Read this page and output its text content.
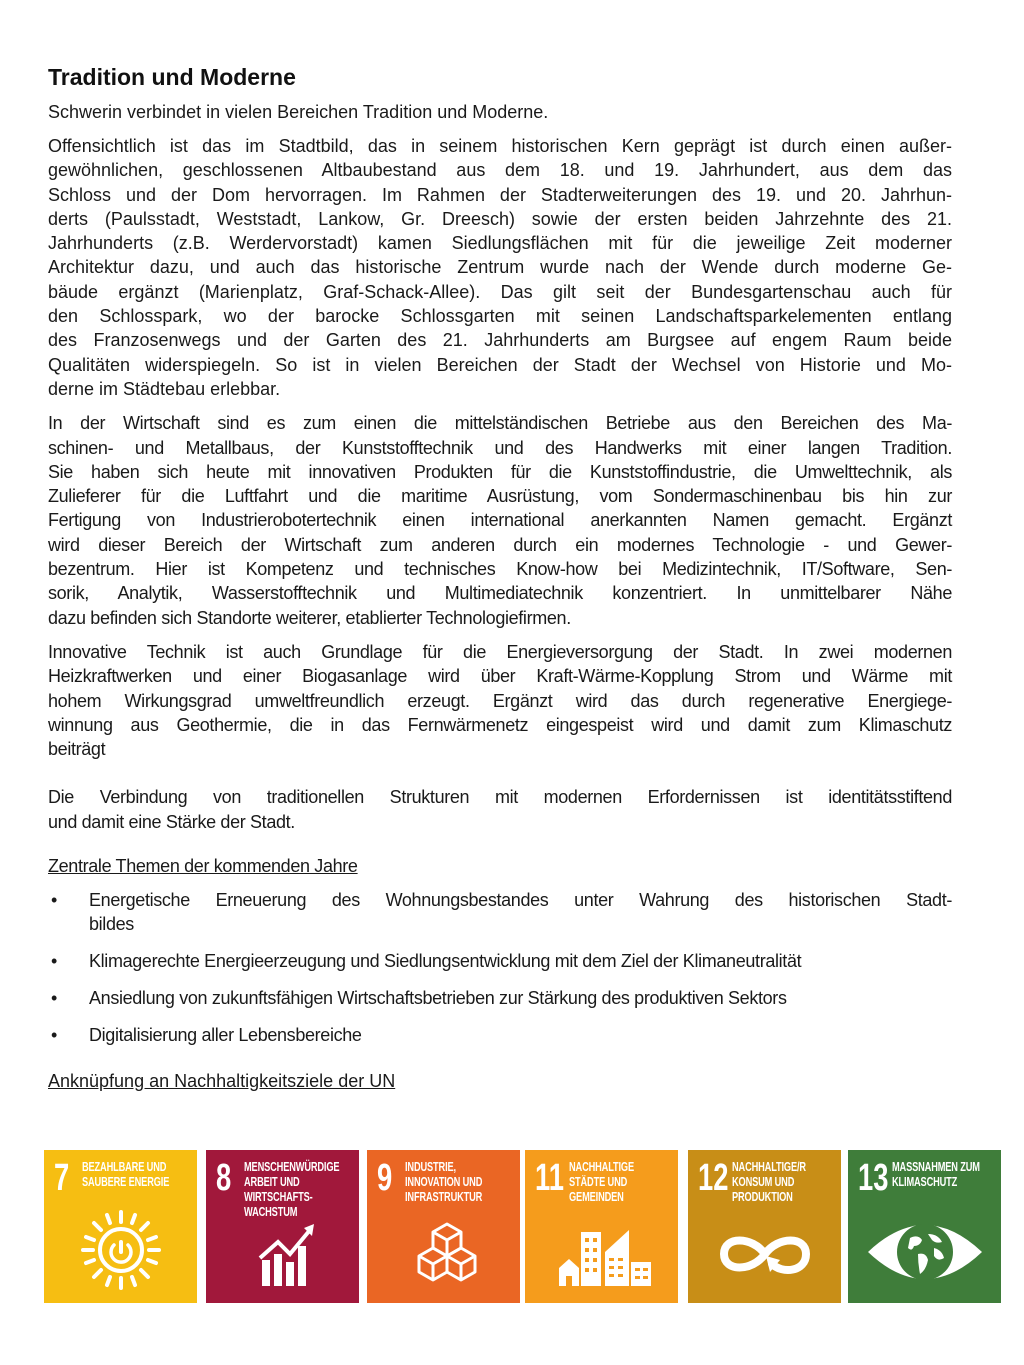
Tradition und Moderne
Schwerin verbindet in vielen Bereichen Tradition und Moderne.

Offensichtlich ist das im Stadtbild, das in seinem historischen Kern geprägt ist durch einen außer-
gewöhnlichen, geschlossenen Altbaubestand aus dem 18. und 19. Jahrhundert, aus dem das
Schloss und der Dom hervorragen. Im Rahmen der Stadterweiterungen des 19. und 20. Jahrhun-
derts (Paulsstadt, Weststadt, Lankow, Gr. Dreesch) sowie der ersten beiden Jahrzehnte des 21.
Jahrhunderts (z.B. Werdervorstadt) kamen Siedlungsflächen mit für die jeweilige Zeit moderner
Architektur dazu, und auch das historische Zentrum wurde nach der Wende durch moderne Ge-
bäude ergänzt (Marienplatz, Graf-Schack-Allee). Das gilt seit der Bundesgartenschau auch für
den Schlosspark, wo der barocke Schlossgarten mit seinen Landschaftsparkelementen entlang
des Franzosenwegs und der Garten des 21. Jahrhunderts am Burgsee auf engem Raum beide
Qualitäten widerspiegeln. So ist in vielen Bereichen der Stadt der Wechsel von Historie und Mo-
derne im Städtebau erlebbar.

In der Wirtschaft sind es zum einen die mittelständischen Betriebe aus den Bereichen des Ma-
schinen- und Metallbaus, der Kunststofftechnik und des Handwerks mit einer langen Tradition.
Sie haben sich heute mit innovativen Produkten für die Kunststoffindustrie, die Umwelttechnik, als
Zulieferer für die Luftfahrt und die maritime Ausrüstung, vom Sondermaschinenbau bis hin zur
Fertigung von Industrierobotertechnik einen international anerkannten Namen gemacht. Ergänzt
wird dieser Bereich der Wirtschaft zum anderen durch ein modernes Technologie - und Gewer-
bezentrum. Hier ist Kompetenz und technisches Know-how bei Medizintechnik, IT/Software, Sen-
sorik, Analytik, Wasserstofftechnik und Multimediatechnik konzentriert. In unmittelbarer Nähe
dazu befinden sich Standorte weiterer, etablierter Technologiefirmen.

Innovative Technik ist auch Grundlage für die Energieversorgung der Stadt. In zwei modernen
Heizkraftwerken und einer Biogasanlage wird über Kraft-Wärme-Kopplung Strom und Wärme mit
hohem Wirkungsgrad umweltfreundlich erzeugt. Ergänzt wird das durch regenerative Energiege-
winnung aus Geothermie, die in das Fernwärmenetz eingespeist wird und damit zum Klimaschutz
beiträgt

Die Verbindung von traditionellen Strukturen mit modernen Erfordernissen ist identitätsstiftend
und damit eine Stärke der Stadt.

Zentrale Themen der kommenden Jahre
• Energetische Erneuerung des Wohnungsbestandes unter Wahrung des historischen Stadt-
bildes
• Klimagerechte Energieerzeugung und Siedlungsentwicklung mit dem Ziel der Klimaneutralität
• Ansiedlung von zukunftsfähigen Wirtschaftsbetrieben zur Stärkung des produktiven Sektors
• Digitalisierung aller Lebensbereiche
Anknüpfung an Nachhaltigkeitsziele der UN
7 BEZAHLBARE UND
SAUBERE ENERGIE 8 MENSCHENWÜRDIGE
ARBEIT UND
WIRTSCHAFTS-
WACHSTUM
9 INDUSTRIE,
INNOVATION UND
INFRASTRUKTUR 11 NACHHALTIGE
STÄDTE UND
GEMEINDEN 12 NACHHALTIGE/R
KONSUM UND
PRODUKTION	13 MASSNAHMEN ZUM
KLIMASCHUTZ
